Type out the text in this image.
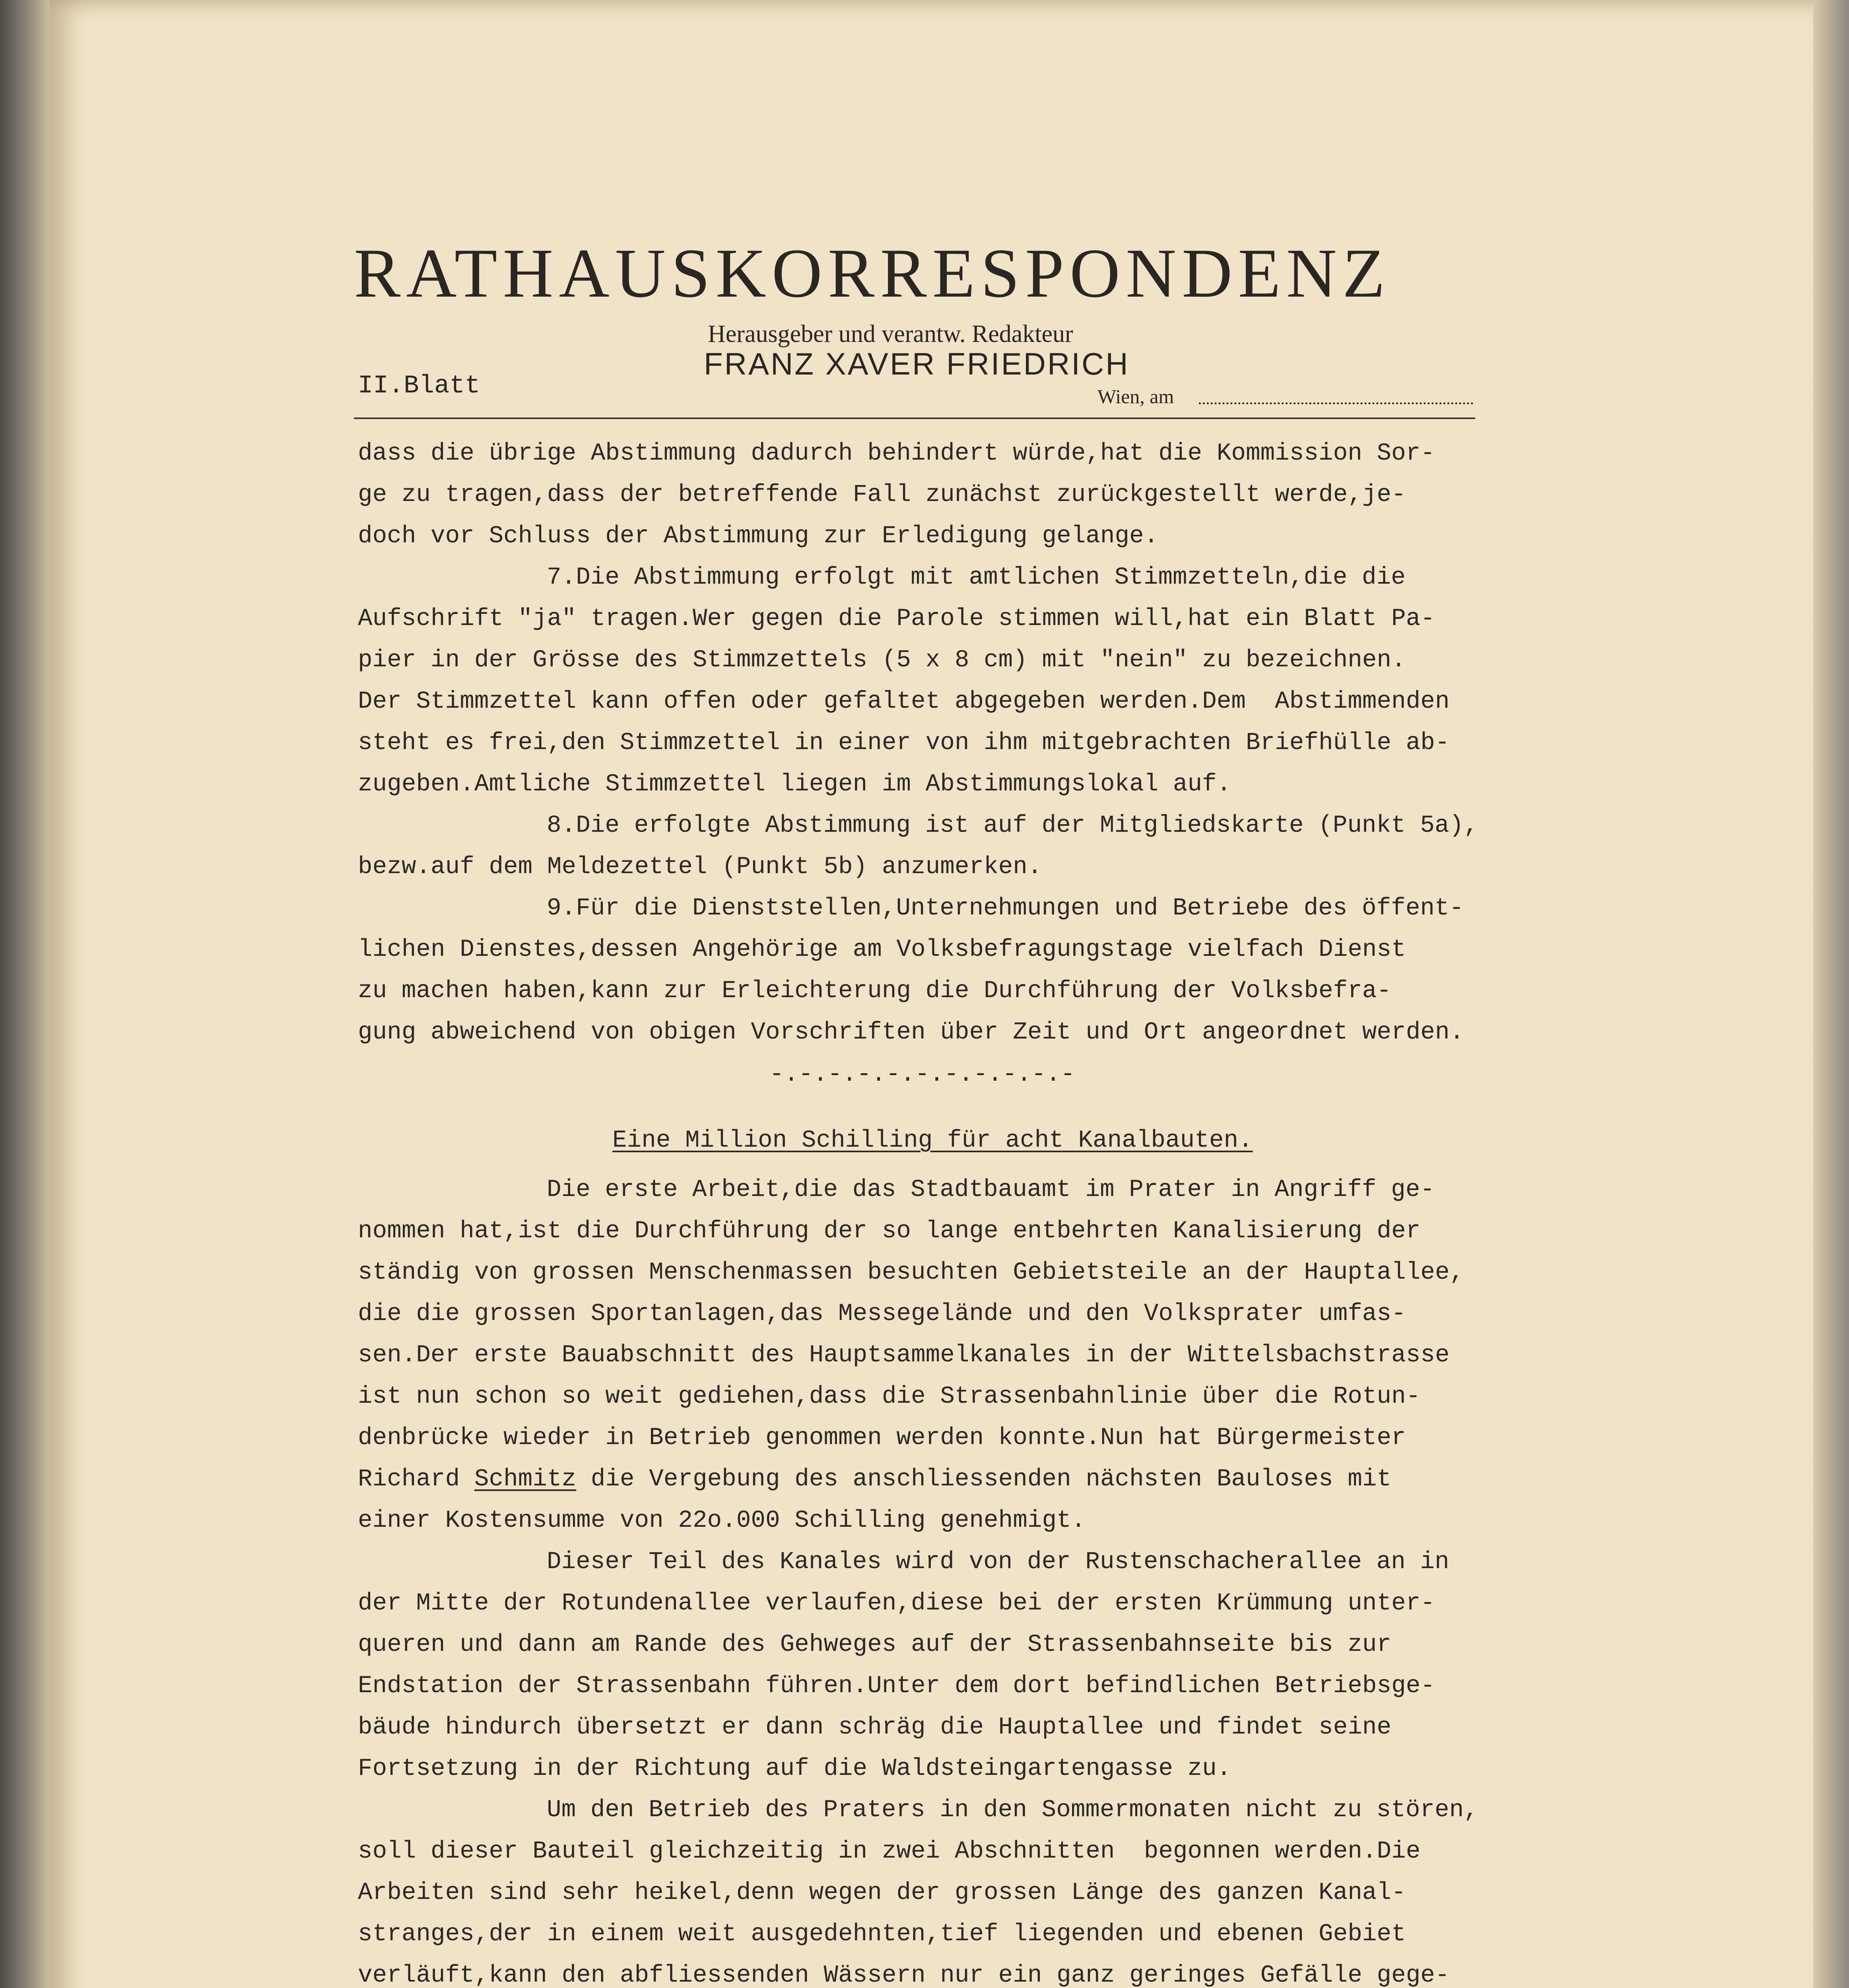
RATHAUSKORRESPONDENZ
Herausgeber und verantw. Redakteur
FRANZ XAVER FRIEDRICH
II.Blatt	Wien, am
dass die übrige Abstimmung dadurch behindert würde,hat die Kommission Sor-
ge zu tragen,dass der betreffende Fall zunächst zurückgestellt werde,je-
doch vor Schluss der Abstimmung zur Erledigung gelange.
7.Die Abstimmung erfolgt mit amtlichen Stimmzetteln,die die
Aufschrift "ja" tragen.Wer gegen die Parole stimmen will,hat ein Blatt Pa-
pier in der Grösse des Stimmzettels (5 x 8 cm) mit "nein" zu bezeichnen.
Der Stimmzettel kann offen oder gefaltet abgegeben werden.Dem  Abstimmenden
steht es frei,den Stimmzettel in einer von ihm mitgebrachten Briefhülle ab-
zugeben.Amtliche Stimmzettel liegen im Abstimmungslokal auf.
8.Die erfolgte Abstimmung ist auf der Mitgliedskarte (Punkt 5a),
bezw.auf dem Meldezettel (Punkt 5b) anzumerken.
9.Für die Dienststellen,Unternehmungen und Betriebe des öffent-
lichen Dienstes,dessen Angehörige am Volksbefragungstage vielfach Dienst
zu machen haben,kann zur Erleichterung die Durchführung der Volksbefra-
gung abweichend von obigen Vorschriften über Zeit und Ort angeordnet werden.
-.-.-.-.-.-.-.-.-.-.-
Eine Million Schilling für acht Kanalbauten.
Die erste Arbeit,die das Stadtbauamt im Prater in Angriff ge-
nommen hat,ist die Durchführung der so lange entbehrten Kanalisierung der
ständig von grossen Menschenmassen besuchten Gebietsteile an der Hauptallee,
die die grossen Sportanlagen,das Messegelände und den Volksprater umfas-
sen.Der erste Bauabschnitt des Hauptsammelkanales in der Wittelsbachstrasse
ist nun schon so weit gediehen,dass die Strassenbahnlinie über die Rotun-
denbrücke wieder in Betrieb genommen werden konnte.Nun hat Bürgermeister
Richard Schmitz die Vergebung des anschliessenden nächsten Bauloses mit
einer Kostensumme von 22o.000 Schilling genehmigt.
Dieser Teil des Kanales wird von der Rustenschacherallee an in
der Mitte der Rotundenallee verlaufen,diese bei der ersten Krümmung unter-
queren und dann am Rande des Gehweges auf der Strassenbahnseite bis zur
Endstation der Strassenbahn führen.Unter dem dort befindlichen Betriebsge-
bäude hindurch übersetzt er dann schräg die Hauptallee und findet seine
Fortsetzung in der Richtung auf die Waldsteingartengasse zu.
Um den Betrieb des Praters in den Sommermonaten nicht zu stören,
soll dieser Bauteil gleichzeitig in zwei Abschnitten  begonnen werden.Die
Arbeiten sind sehr heikel,denn wegen der grossen Länge des ganzen Kanal-
stranges,der in einem weit ausgedehnten,tief liegenden und ebenen Gebiet
verläuft,kann den abfliessenden Wässern nur ein ganz geringes Gefälle gege-
